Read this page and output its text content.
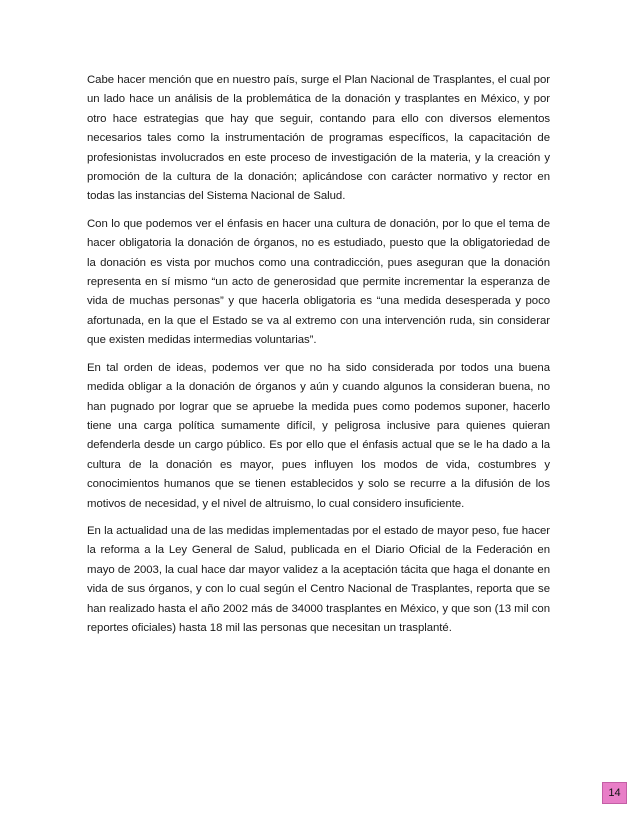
Cabe hacer mención que en nuestro país, surge el Plan Nacional de Trasplantes, el cual por un lado hace un análisis de la problemática de la donación y trasplantes en México, y por otro hace estrategias que hay que seguir, contando para ello con diversos elementos necesarios tales como la instrumentación de programas específicos, la capacitación de profesionistas involucrados en este proceso de investigación de la materia, y la creación y promoción de la cultura de la donación; aplicándose con carácter normativo y rector en todas las instancias del Sistema Nacional de Salud.

Con lo que podemos ver el énfasis en hacer una cultura de donación, por lo que el tema de hacer obligatoria la donación de órganos, no es estudiado, puesto que la obligatoriedad de la donación es vista por muchos como una contradicción, pues aseguran que la donación representa en sí mismo “un acto de generosidad que permite incrementar la esperanza de vida de muchas personas” y que hacerla obligatoria es “una medida desesperada y poco afortunada, en la que el Estado se va al extremo con una intervención ruda, sin considerar que existen medidas intermedias voluntarias”.

En tal orden de ideas, podemos ver que no ha sido considerada por todos una buena medida obligar a la donación de órganos y aún y cuando algunos la consideran buena, no han pugnado por lograr que se apruebe la medida pues como podemos suponer, hacerlo tiene una carga política sumamente difícil, y peligrosa inclusive para quienes quieran defenderla desde un cargo público. Es por ello que el énfasis actual que se le ha dado a la cultura de la donación es mayor, pues influyen los modos de vida, costumbres y conocimientos humanos que se tienen establecidos y solo se recurre a la difusión de los motivos de necesidad, y el nivel de altruismo, lo cual considero insuficiente.

En la actualidad una de las medidas implementadas por el estado de mayor peso, fue hacer la reforma a la Ley General de Salud, publicada en el Diario Oficial de la Federación en mayo de 2003, la cual hace dar mayor validez a la aceptación tácita que haga el donante en vida de sus órganos, y con lo cual según el Centro Nacional de Trasplantes, reporta que se han realizado hasta el año 2002 más de 34000 trasplantes en México, y que son (13 mil con reportes oficiales) hasta 18 mil las personas que necesitan un trasplanté.

14
